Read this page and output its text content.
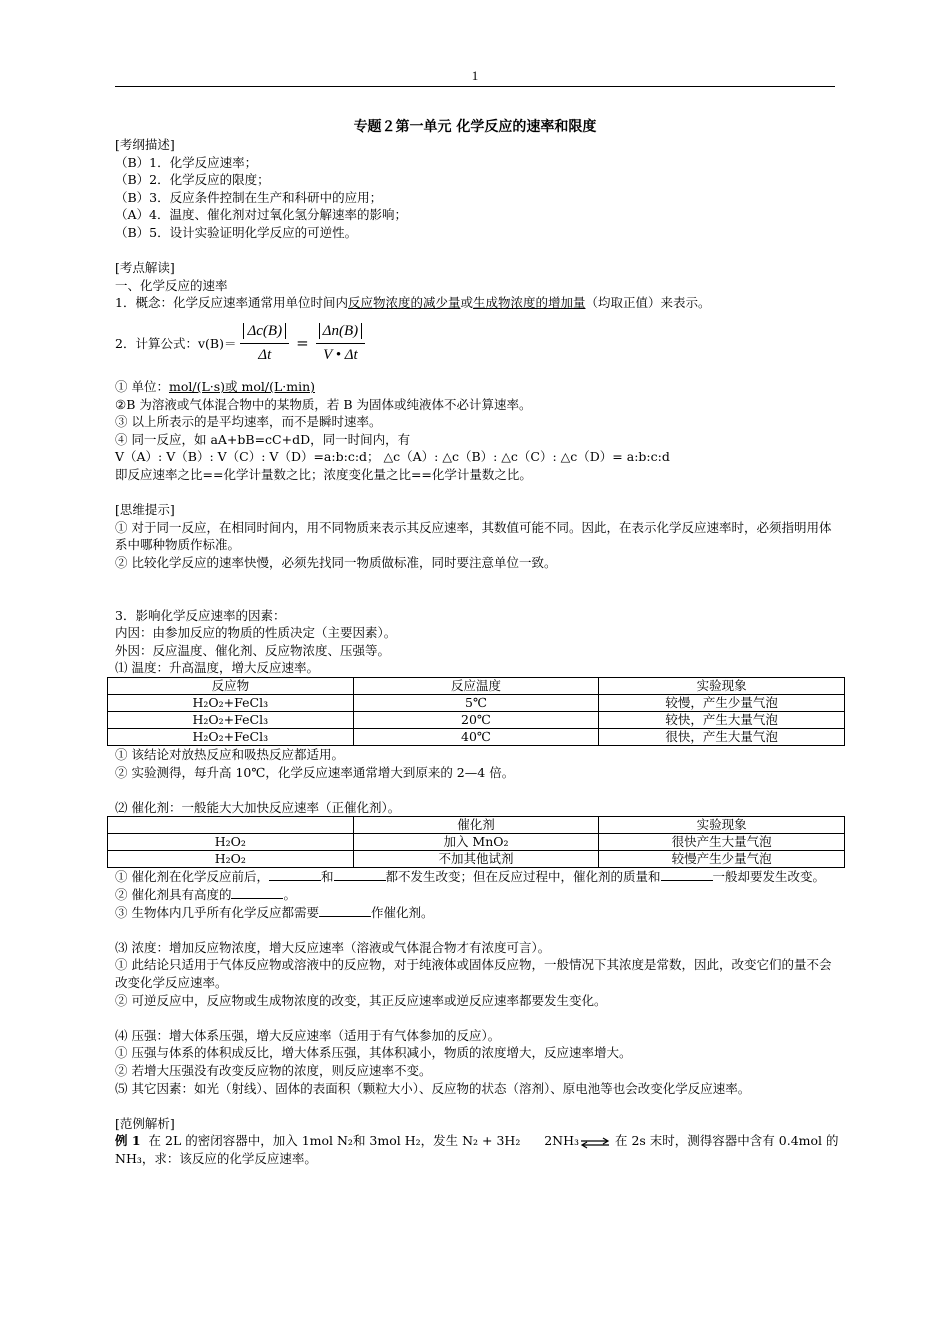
1
专题２第一单元 化学反应的速率和限度

[考纲描述]

（B）1．化学反应速率；

（B）2．化学反应的限度；

（B）3．反应条件控制在生产和科研中的应用；

（A）4．温度、催化剂对过氧化氢分解速率的影响；

（B）5．设计实验证明化学反应的可逆性。

[考点解读]

一、化学反应的速率

1．概念：化学反应速率通常用单位时间内反应物浓度的减少量或生成物浓度的增加量（均取正值）来表示。

2．计算公式：$v(B)= \frac{\Delta c(B)}{\Delta t} = \frac{\Delta n(B)}{V • \Delta t}$

① 单位：mol/(L·s)或 mol/(L·min)

②B 为溶液或气体混合物中的某物质，若 B 为固体或纯液体不必计算速率。

③ 以上所表示的是平均速率，而不是瞬时速率。

④ 同一反应，如 aA+bB=cC+dD，同一时间内，有

V（A）: V（B）: V（C）: V（D）=a:b:c:d； △c（A）: △c（B）: △c（C）: △c（D）= a:b:c:d

即反应速率之比==化学计量数之比；浓度变化量之比==化学计量数之比。

[思维提示]

① 对于同一反应，在相同时间内，用不同物质来表示其反应速率，其数值可能不同。因此，在表示化学反应速率时，必须指明用体系中哪种物质作标准。

② 比较化学反应的速率快慢，必须先找同一物质做标准，同时要注意单位一致。

3．影响化学反应速率的因素：

内因：由参加反应的物质的性质决定（主要因素）。

外因：反应温度、催化剂、反应物浓度、压强等。

⑴ 温度：升高温度，增大反应速率。

反应物	反应温度	实验现象
H₂O₂+FeCl₃	5℃	较慢，产生少量气泡
H₂O₂+FeCl₃	20℃	较快，产生大量气泡
H₂O₂+FeCl₃	40℃	很快，产生大量气泡

① 该结论对放热反应和吸热反应都适用。

② 实验测得，每升高 10℃，化学反应速率通常增大到原来的 2—4 倍。

⑵ 催化剂：一般能大大加快反应速率（正催化剂）。

	催化剂	实验现象
H₂O₂	加入 MnO₂	很快产生大量气泡
H₂O₂	不加其他试剂	较慢产生少量气泡

① 催化剂在化学反应前后，	和	都不发生改变；但在反应过程中，催化剂的质量和	一般却要发生改变。

② 催化剂具有高度的	。

③ 生物体内几乎所有化学反应都需要	作催化剂。

⑶ 浓度：增加反应物浓度，增大反应速率（溶液或气体混合物才有浓度可言）。

① 此结论只适用于气体反应物或溶液中的反应物，对于纯液体或固体反应物，一般情况下其浓度是常数，因此，改变它们的量不会改变化学反应速率。

② 可逆反应中，反应物或生成物浓度的改变，其正反应速率或逆反应速率都要发生变化。

⑷ 压强：增大体系压强，增大反应速率（适用于有气体参加的反应）。

① 压强与体系的体积成反比，增大体系压强，其体积减小，物质的浓度增大，反应速率增大。

② 若增大压强没有改变反应物的浓度，则反应速率不变。

⑸ 其它因素：如光（射线）、固体的表面积（颗粒大小）、反应物的状态（溶剂）、原电池等也会改变化学反应速率。

[范例解析]

例 1 在 2L 的密闭容器中，加入 1mol N₂和 3mol H₂，发生 N₂ + 3H₂ 2NH₃⇌ 在 2s 末时，测得容器中含有 0.4mol 的

NH₃，求：该反应的化学反应速率。
